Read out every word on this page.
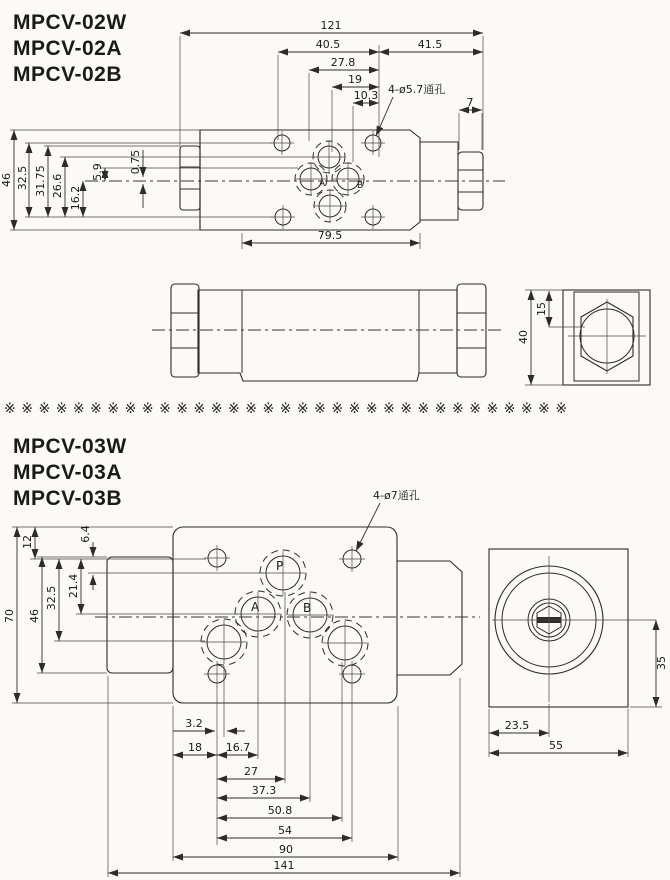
MPCV-02W
MPCV-02A
MPCV-02B
A	B
121
40.5	41.5
27.8
19
10.3
7
79.5
46 32.5 31.75 26.6 16.2
5.9 0.75
4-ø5.7通孔
40
15
※※※※※※※※※※※※※※※※※※※※※※※※※※※※※※※※※
MPCV-03W
MPCV-03A
MPCV-03B
P
A	B
4-ø7通孔
70 46
32.5 21.4
12	6.4
3.2
18 16.7
27
37.3
50.8
54
90
141
35
23.5
55
